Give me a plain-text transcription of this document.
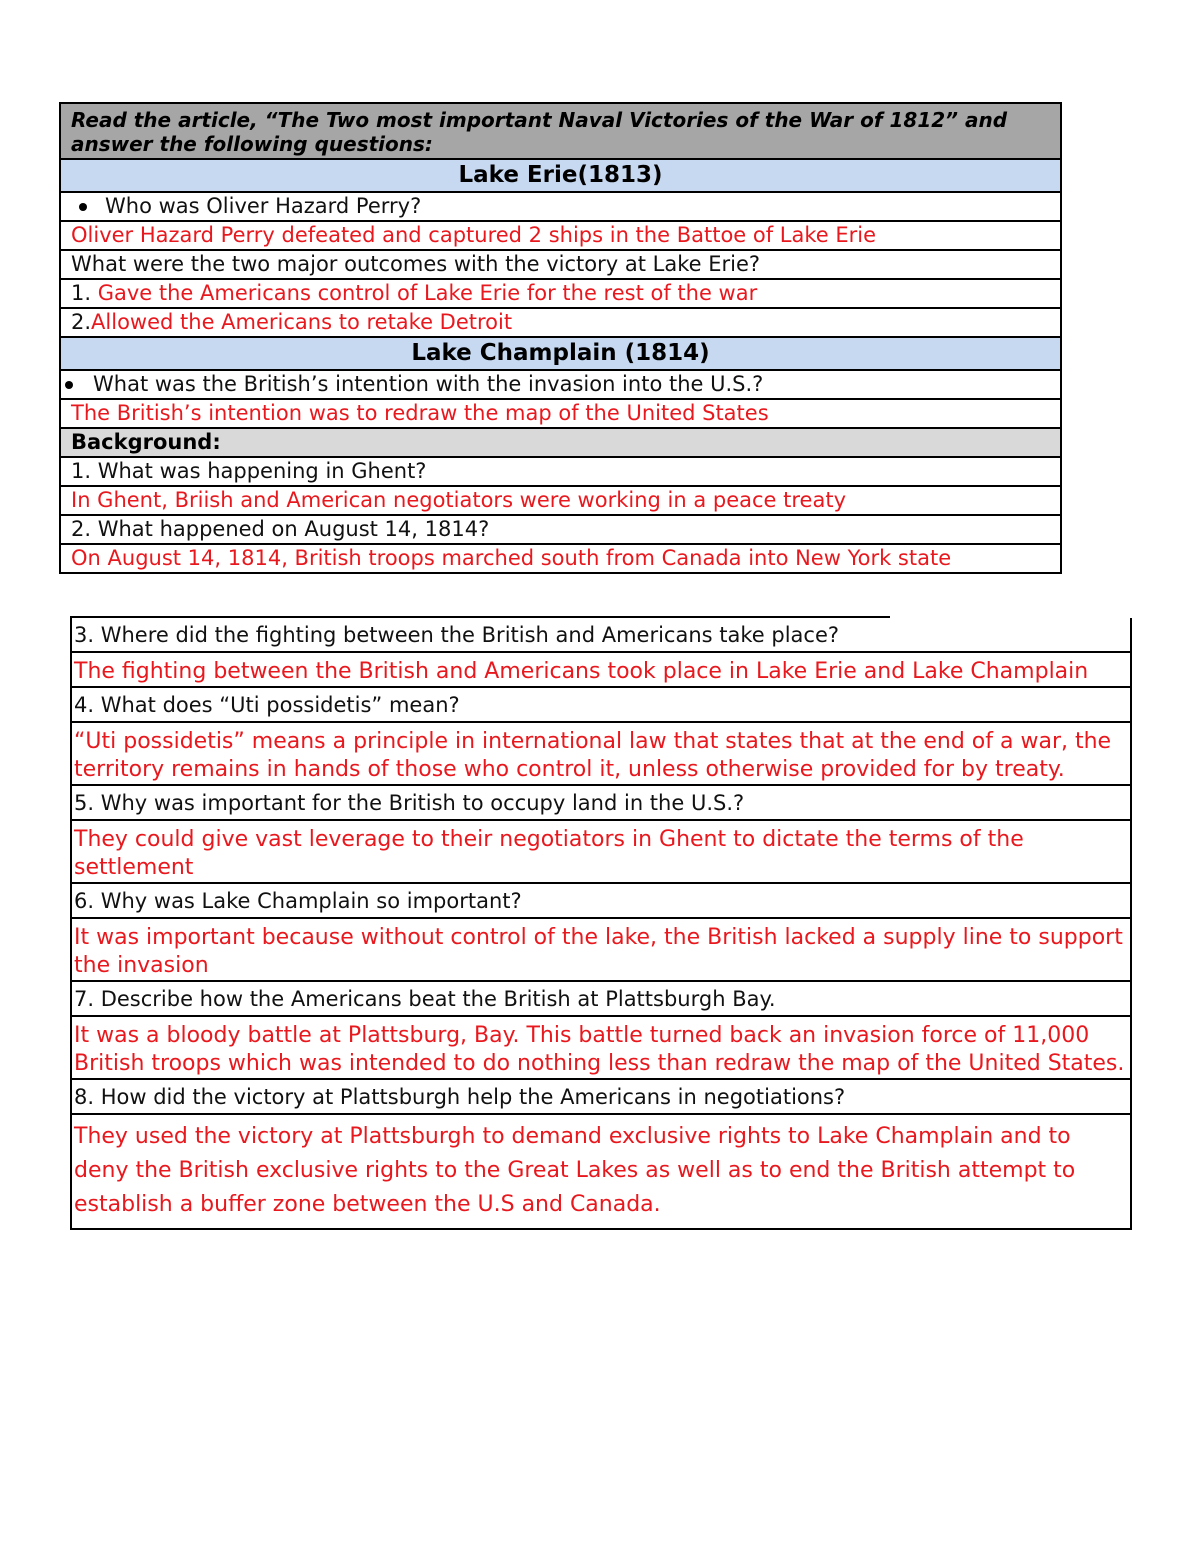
Read the article, “The Two most important Naval Victories of the War of 1812” and answer the following questions:
Lake Erie(1813)
Who was Oliver Hazard Perry?
Oliver Hazard Perry defeated and captured 2 ships in the Battoe of Lake Erie
What were the two major outcomes with the victory at Lake Erie?
1. Gave the Americans control of Lake Erie for the rest of the war
2.Allowed the Americans to retake Detroit
Lake Champlain (1814)
What was the British’s intention with the invasion into the U.S.?
The British’s intention was to redraw the map of the United States
Background:
1. What was happening in Ghent?
In Ghent, Briish and American negotiators were working in a peace treaty
2. What happened on August 14, 1814?
On August 14, 1814, British troops marched south from Canada into New York state
3. Where did the fighting between the British and Americans take place?
The fighting between the British and Americans took place in Lake Erie and Lake Champlain
4. What does “Uti possidetis” mean?
“Uti possidetis” means a principle in international law that states that at the end of a war, the territory remains in hands of those who control it, unless otherwise provided for by treaty.
5. Why was important for the British to occupy land in the U.S.?
They could give vast leverage to their negotiators in Ghent to dictate the terms of the settlement
6. Why was Lake Champlain so important?
It was important because without control of the lake, the British lacked a supply line to support the invasion
7. Describe how the Americans beat the British at Plattsburgh Bay.
It was a bloody battle at Plattsburg, Bay. This battle turned back an invasion force of 11,000 British troops which was intended to do nothing less than redraw the map of the United States.
8. How did the victory at Plattsburgh help the Americans in negotiations?
They used the victory at Plattsburgh to demand exclusive rights to Lake Champlain and to deny the British exclusive rights to the Great Lakes as well as to end the British attempt to establish a buffer zone between the U.S and Canada.
